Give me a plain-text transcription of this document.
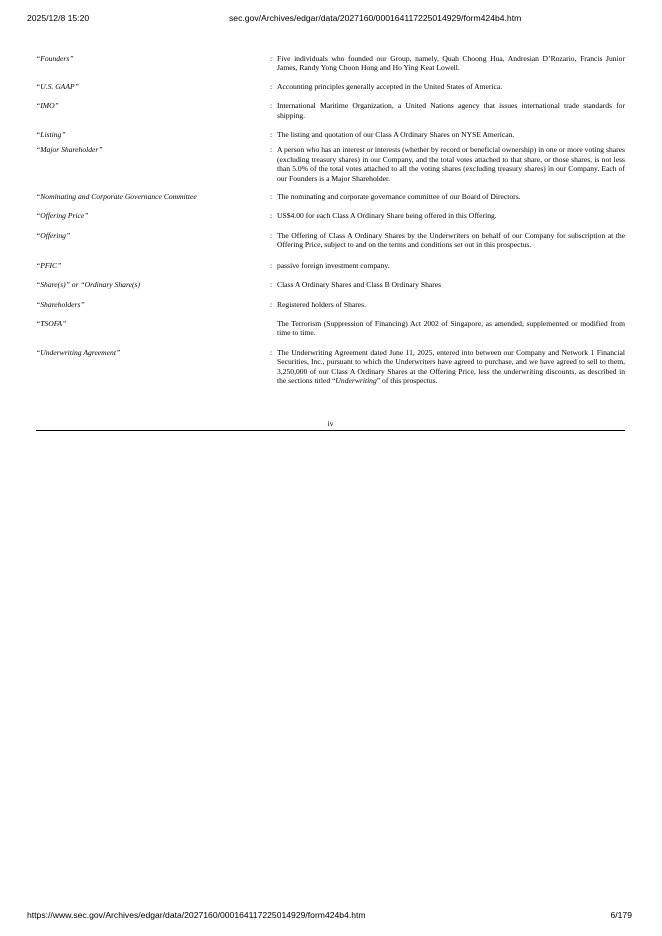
2025/12/8 15:20	sec.gov/Archives/edgar/data/2027160/000164117225014929/form424b4.htm
“Founders”	: Five individuals who founded our Group, namely, Quah Choong Hua, Andresian D’Rozario, Francis Junior James, Randy Yong Choon Hong and Ho Ying Keat Lowell.
“U.S. GAAP”	: Accounting principles generally accepted in the United States of America.
“IMO”	: International Maritime Organization, a United Nations agency that issues international trade standards for shipping.
“Listing”	: The listing and quotation of our Class A Ordinary Shares on NYSE American.
“Major Shareholder”	: A person who has an interest or interests (whether by record or beneficial ownership) in one or more voting shares (excluding treasury shares) in our Company, and the total votes attached to that share, or those shares, is not less than 5.0% of the total votes attached to all the voting shares (excluding treasury shares) in our Company. Each of our Founders is a Major Shareholder.
“Nominating and Corporate Governance Committee	: The nominating and corporate governance committee of our Board of Directors.
“Offering Price”	: US$4.00 for each Class A Ordinary Share being offered in this Offering.
“Offering”	: The Offering of Class A Ordinary Shares by the Underwriters on behalf of our Company for subscription at the Offering Price, subject to and on the terms and conditions set out in this prospectus.
“PFIC”	: passive foreign investment company.
“Share(s)” or “Ordinary Share(s)	: Class A Ordinary Shares and Class B Ordinary Shares
“Shareholders”	: Registered holders of Shares.
“TSOFA”	The Terrorism (Suppression of Financing) Act 2002 of Singapore, as amended, supplemented or modified from time to time.
“Underwriting Agreement”	: The Underwriting Agreement dated June 11, 2025, entered into between our Company and Network 1 Financial Securities, Inc., pursuant to which the Underwriters have agreed to purchase, and we have agreed to sell to them, 3,250,000 of our Class A Ordinary Shares at the Offering Price, less the underwriting discounts, as described in the sections titled “Underwriting” of this prospectus.
iv
https://www.sec.gov/Archives/edgar/data/2027160/000164117225014929/form424b4.htm	6/179
